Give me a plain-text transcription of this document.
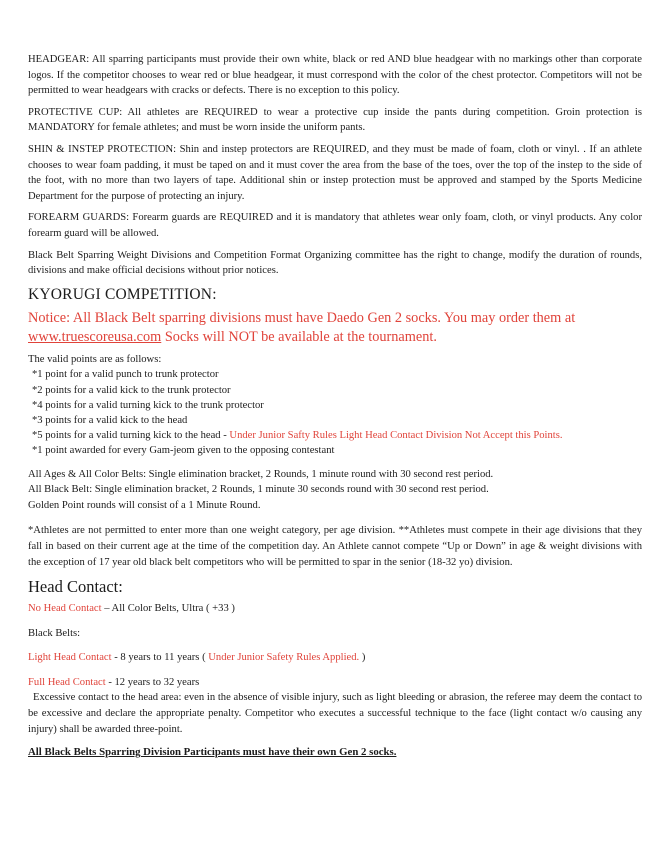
HEADGEAR: All sparring participants must provide their own white, black or red AND blue headgear with no markings other than corporate logos. If the competitor chooses to wear red or blue headgear, it must correspond with the color of the chest protector. Competitors will not be permitted to wear headgears with cracks or defects. There is no exception to this policy.

PROTECTIVE CUP: All athletes are REQUIRED to wear a protective cup inside the pants during competition. Groin protection is MANDATORY for female athletes; and must be worn inside the uniform pants.

SHIN & INSTEP PROTECTION: Shin and instep protectors are REQUIRED, and they must be made of foam, cloth or vinyl. . If an athlete chooses to wear foam padding, it must be taped on and it must cover the area from the base of the toes, over the top of the instep to the side of the foot, with no more than two layers of tape. Additional shin or instep protection must be approved and stamped by the Sports Medicine Department for the purpose of protecting an injury.

FOREARM GUARDS: Forearm guards are REQUIRED and it is mandatory that athletes wear only foam, cloth, or vinyl products. Any color forearm guard will be allowed.

Black Belt Sparring Weight Divisions and Competition Format Organizing committee has the right to change, modify the duration of rounds, divisions and make official decisions without prior notices.

KYORUGI COMPETITION:
Notice: All Black Belt sparring divisions must have Daedo Gen 2 socks. You may order them at www.truescoreusa.com Socks will NOT be available at the tournament.

The valid points are as follows:

*1 point for a valid punch to trunk protector
*2 points for a valid kick to the trunk protector
*4 points for a valid turning kick to the trunk protector
*3 points for a valid kick to the head
*5 points for a valid turning kick to the head - Under Junior Safty Rules Light Head Contact Division Not Accept this Points.
*1 point awarded for every Gam-jeom given to the opposing contestant

All Ages & All Color Belts: Single elimination bracket, 2 Rounds, 1 minute round with 30 second rest period.

All Black Belt: Single elimination bracket, 2 Rounds, 1 minute 30 seconds round with 30 second rest period.

Golden Point rounds will consist of a 1 Minute Round.

*Athletes are not permitted to enter more than one weight category, per age division. **Athletes must compete in their age divisions that they fall in based on their current age at the time of the competition day. An Athlete cannot compete “Up or Down” in age & weight divisions with the exception of 17 year old black belt competitors who will be permitted to spar in the senior (18-32 yo) division.

Head Contact:

No Head Contact – All Color Belts, Ultra ( +33 )

Black Belts:

Light Head Contact - 8 years to 11 years ( Under Junior Safety Rules Applied. )

Full Head Contact - 12 years to 32 years

Excessive contact to the head area: even in the absence of visible injury, such as light bleeding or abrasion, the referee may deem the contact to be excessive and declare the appropriate penalty. Competitor who executes a successful technique to the face (light contact w/o causing any injury) shall be awarded three-point.

All Black Belts Sparring Division Participants must have their own Gen 2 socks.
